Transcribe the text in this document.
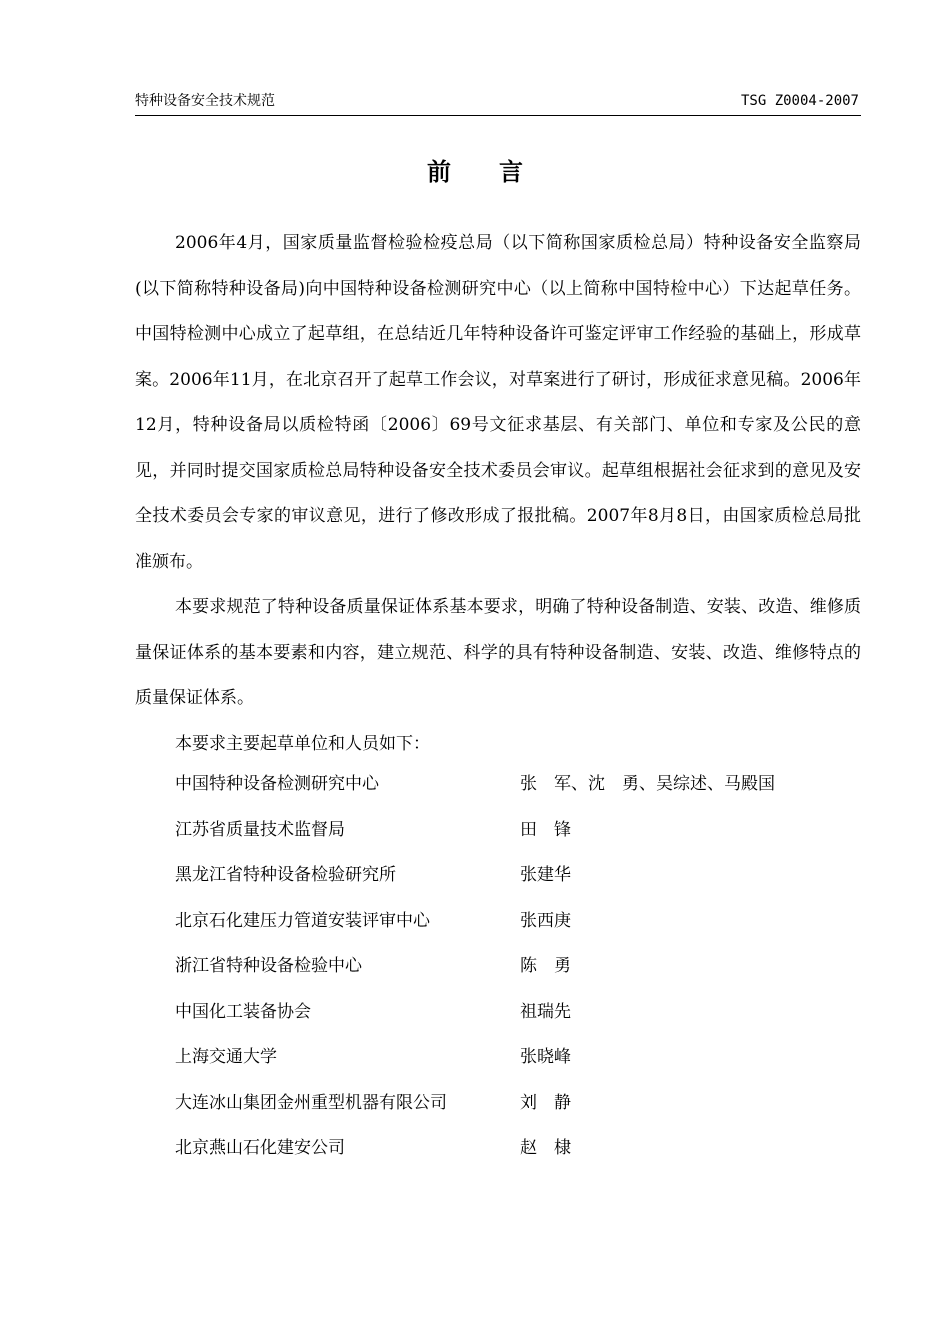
特种设备安全技术规范	TSG Z0004-2007
前言

2006年4月，国家质量监督检验检疫总局（以下简称国家质检总局）特种设备安全监察局(以下简称特种设备局)向中国特种设备检测研究中心（以上简称中国特检中心）下达起草任务。中国特检测中心成立了起草组，在总结近几年特种设备许可鉴定评审工作经验的基础上，形成草案。2006年11月，在北京召开了起草工作会议，对草案进行了研讨，形成征求意见稿。2006年12月，特种设备局以质检特函〔2006〕69号文征求基层、有关部门、单位和专家及公民的意见，并同时提交国家质检总局特种设备安全技术委员会审议。起草组根据社会征求到的意见及安全技术委员会专家的审议意见，进行了修改形成了报批稿。2007年8月8日，由国家质检总局批准颁布。

本要求规范了特种设备质量保证体系基本要求，明确了特种设备制造、安装、改造、维修质量保证体系的基本要素和内容，建立规范、科学的具有特种设备制造、安装、改造、维修特点的质量保证体系。

本要求主要起草单位和人员如下：

中国特种设备检测研究中心	张　军、沈　勇、吴综述、马殿国
江苏省质量技术监督局	田　锋
黑龙江省特种设备检验研究所	张建华
北京石化建压力管道安装评审中心	张西庚
浙江省特种设备检验中心	陈　勇
中国化工装备协会	祖瑞先
上海交通大学	张晓峰
大连冰山集团金州重型机器有限公司	刘　静
北京燕山石化建安公司	赵　棣
